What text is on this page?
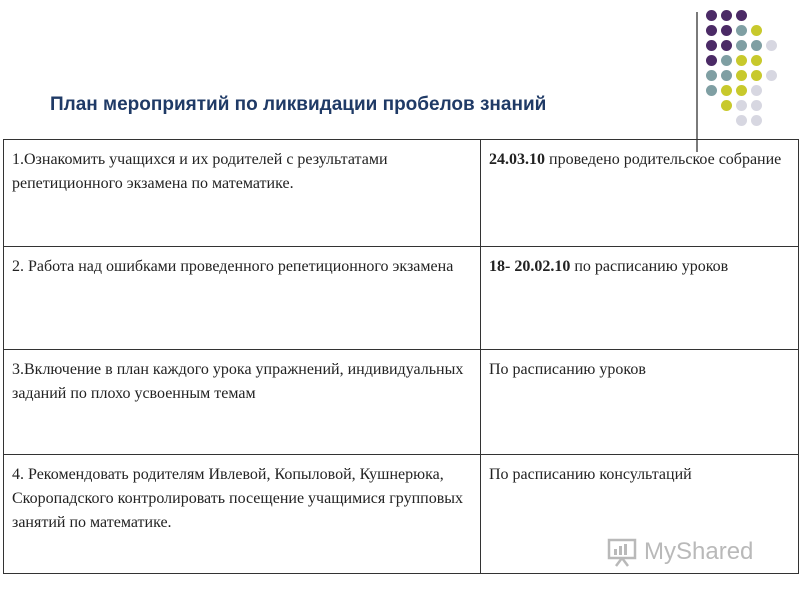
План мероприятий по ликвидации пробелов знаний
1.Ознакомить учащихся и их родителей с результатами репетиционного экзамена по математике.	24.03.10 проведено родительское собрание
2. Работа над ошибками проведенного репетиционного экзамена	18- 20.02.10 по расписанию уроков
3.Включение в план каждого урока упражнений, индивидуальных заданий по плохо усвоенным темам	По расписанию уроков
4. Рекомендовать родителям Ивлевой, Копыловой, Кушнерюка, Скоропадского контролировать посещение учащимися групповых занятий по математике.	По расписанию консультаций
MyShared
